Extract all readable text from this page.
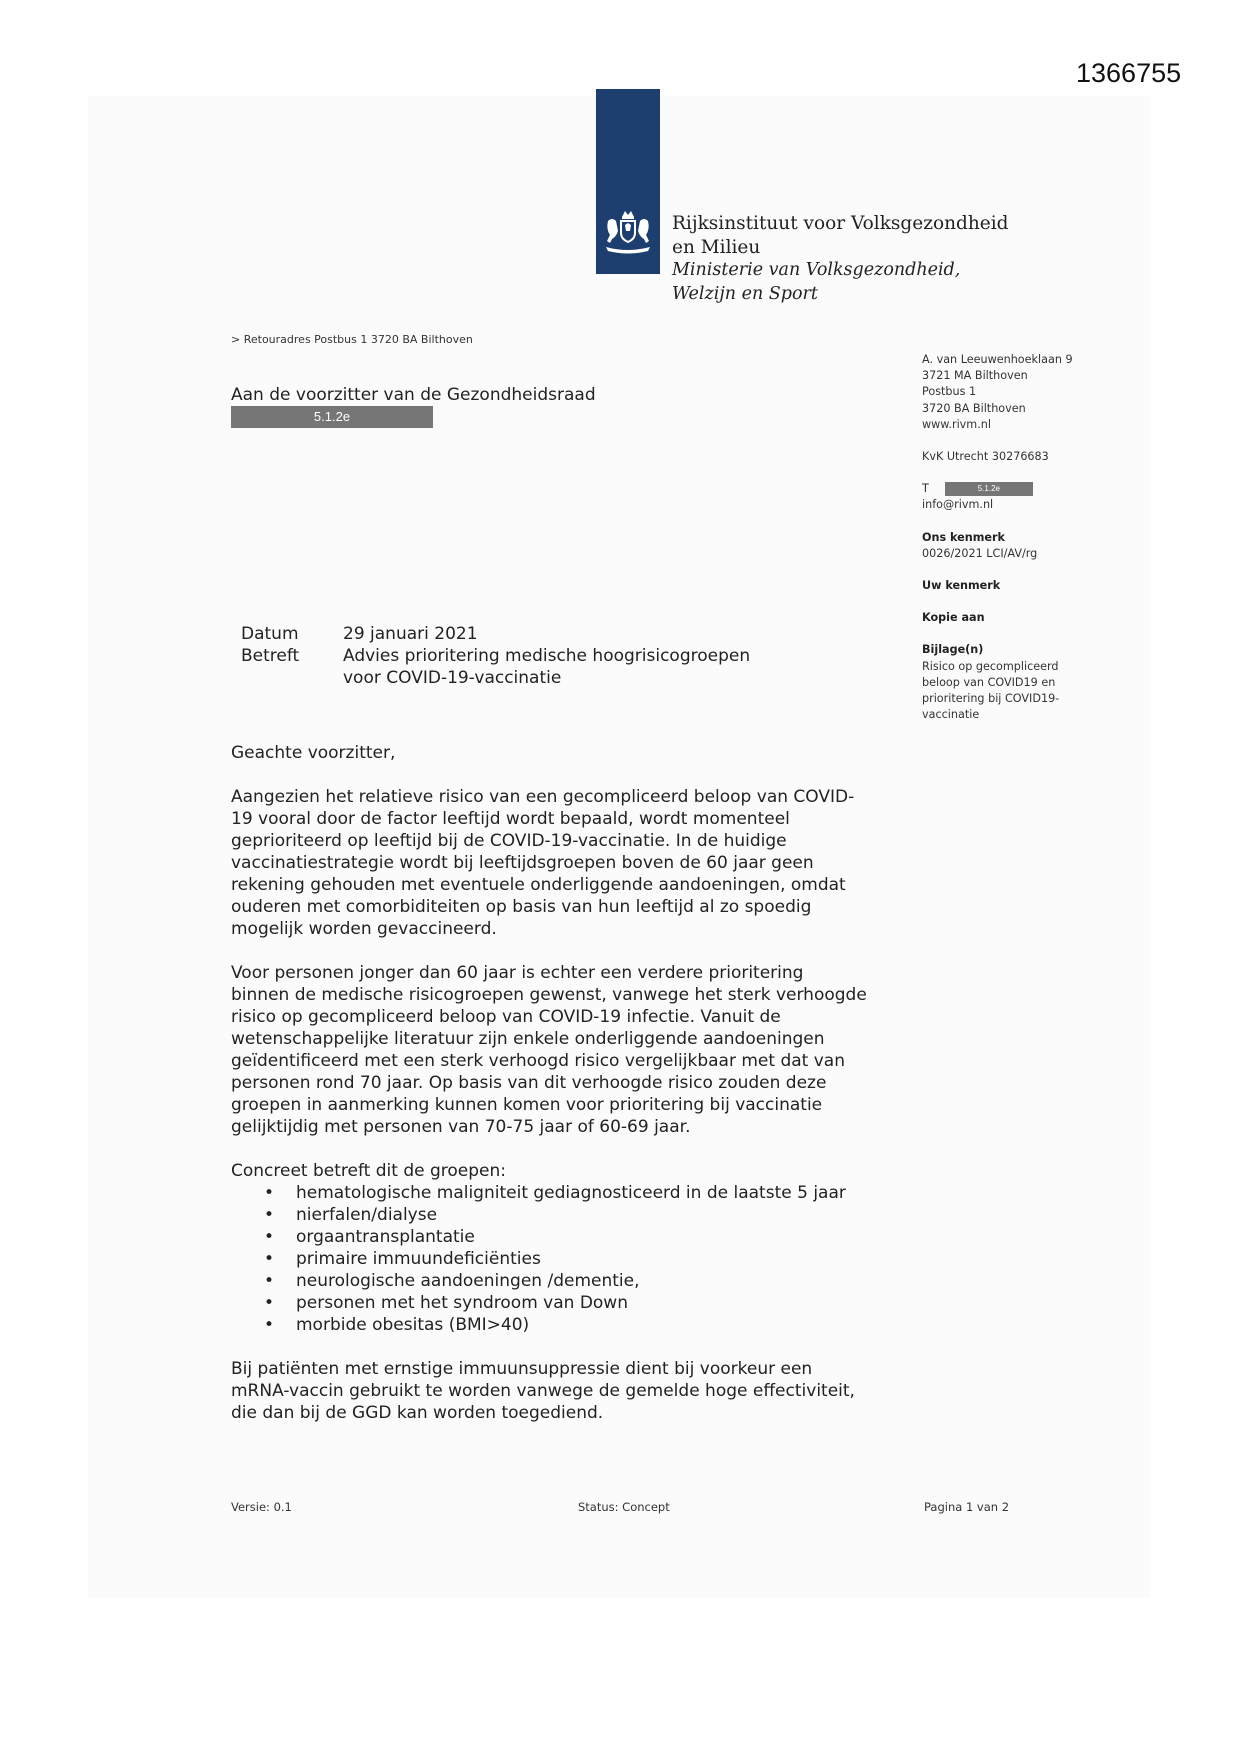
1366755
Rijksinstituut voor Volksgezondheid
en Milieu
Ministerie van Volksgezondheid,
Welzijn en Sport
> Retouradres Postbus 1 3720 BA Bilthoven
Aan de voorzitter van de Gezondheidsraad
5.1.2e

A. van Leeuwenhoeklaan 9

3721 MA Bilthoven

Postbus 1

3720 BA Bilthoven

www.rivm.nl

KvK Utrecht 30276683

T	5.1.2e

info@rivm.nl

Ons kenmerk

0026/2021 LCI/AV/rg

Uw kenmerk

Kopie aan

Bijlage(n)

Risico op gecompliceerd

beloop van COVID19 en

prioritering bij COVID19-

vaccinatie

Datum	29 januari 2021
Betreft	Advies prioritering medische hoogrisicogroepen
voor COVID-19-vaccinatie

Geachte voorzitter,

Aangezien het relatieve risico van een gecompliceerd beloop van COVID-
19 vooral door de factor leeftijd wordt bepaald, wordt momenteel
geprioriteerd op leeftijd bij de COVID-19-vaccinatie. In de huidige
vaccinatiestrategie wordt bij leeftijdsgroepen boven de 60 jaar geen
rekening gehouden met eventuele onderliggende aandoeningen, omdat
ouderen met comorbiditeiten op basis van hun leeftijd al zo spoedig
mogelijk worden gevaccineerd.

Voor personen jonger dan 60 jaar is echter een verdere prioritering
binnen de medische risicogroepen gewenst, vanwege het sterk verhoogde
risico op gecompliceerd beloop van COVID-19 infectie. Vanuit de
wetenschappelijke literatuur zijn enkele onderliggende aandoeningen
geïdentificeerd met een sterk verhoogd risico vergelijkbaar met dat van
personen rond 70 jaar. Op basis van dit verhoogde risico zouden deze
groepen in aanmerking kunnen komen voor prioritering bij vaccinatie
gelijktijdig met personen van 70-75 jaar of 60-69 jaar.

Concreet betreft dit de groepen:
• hematologische maligniteit gediagnosticeerd in de laatste 5 jaar
• nierfalen/dialyse
• orgaantransplantatie
• primaire immuundeficiënties
• neurologische aandoeningen /dementie,
• personen met het syndroom van Down
• morbide obesitas (BMI>40)

Bij patiënten met ernstige immuunsuppressie dient bij voorkeur een
mRNA-vaccin gebruikt te worden vanwege de gemelde hoge effectiviteit,
die dan bij de GGD kan worden toegediend.

Versie: 0.1	Status: Concept	Pagina 1 van 2
